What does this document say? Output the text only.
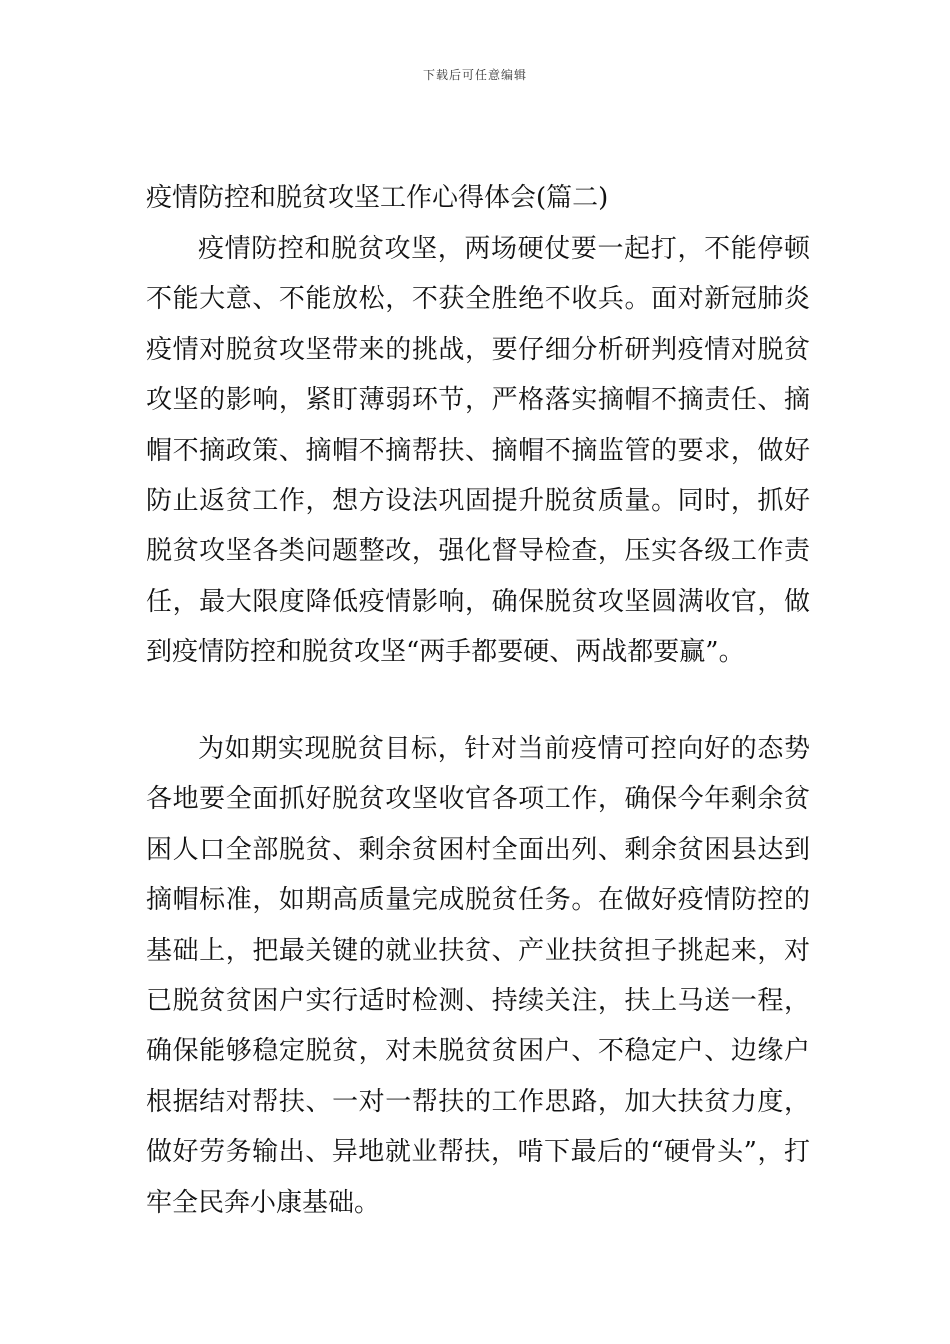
下载后可任意编辑
疫情防控和脱贫攻坚工作心得体会(篇二)

疫情防控和脱贫攻坚，两场硬仗要一起打，不能停顿不能大意、不能放松，不获全胜绝不收兵。面对新冠肺炎疫情对脱贫攻坚带来的挑战，要仔细分析研判疫情对脱贫攻坚的影响，紧盯薄弱环节，严格落实摘帽不摘责任、摘帽不摘政策、摘帽不摘帮扶、摘帽不摘监管的要求，做好防止返贫工作，想方设法巩固提升脱贫质量。同时，抓好脱贫攻坚各类问题整改，强化督导检查，压实各级工作责任，最大限度降低疫情影响，确保脱贫攻坚圆满收官，做到疫情防控和脱贫攻坚“两手都要硬、两战都要赢”。

为如期实现脱贫目标，针对当前疫情可控向好的态势各地要全面抓好脱贫攻坚收官各项工作，确保今年剩余贫困人口全部脱贫、剩余贫困村全面出列、剩余贫困县达到摘帽标准，如期高质量完成脱贫任务。在做好疫情防控的基础上，把最关键的就业扶贫、产业扶贫担子挑起来，对已脱贫贫困户实行适时检测、持续关注，扶上马送一程，确保能够稳定脱贫，对未脱贫贫困户、不稳定户、边缘户根据结对帮扶、一对一帮扶的工作思路，加大扶贫力度，做好劳务输出、异地就业帮扶，啃下最后的“硬骨头”，打牢全民奔小康基础。
